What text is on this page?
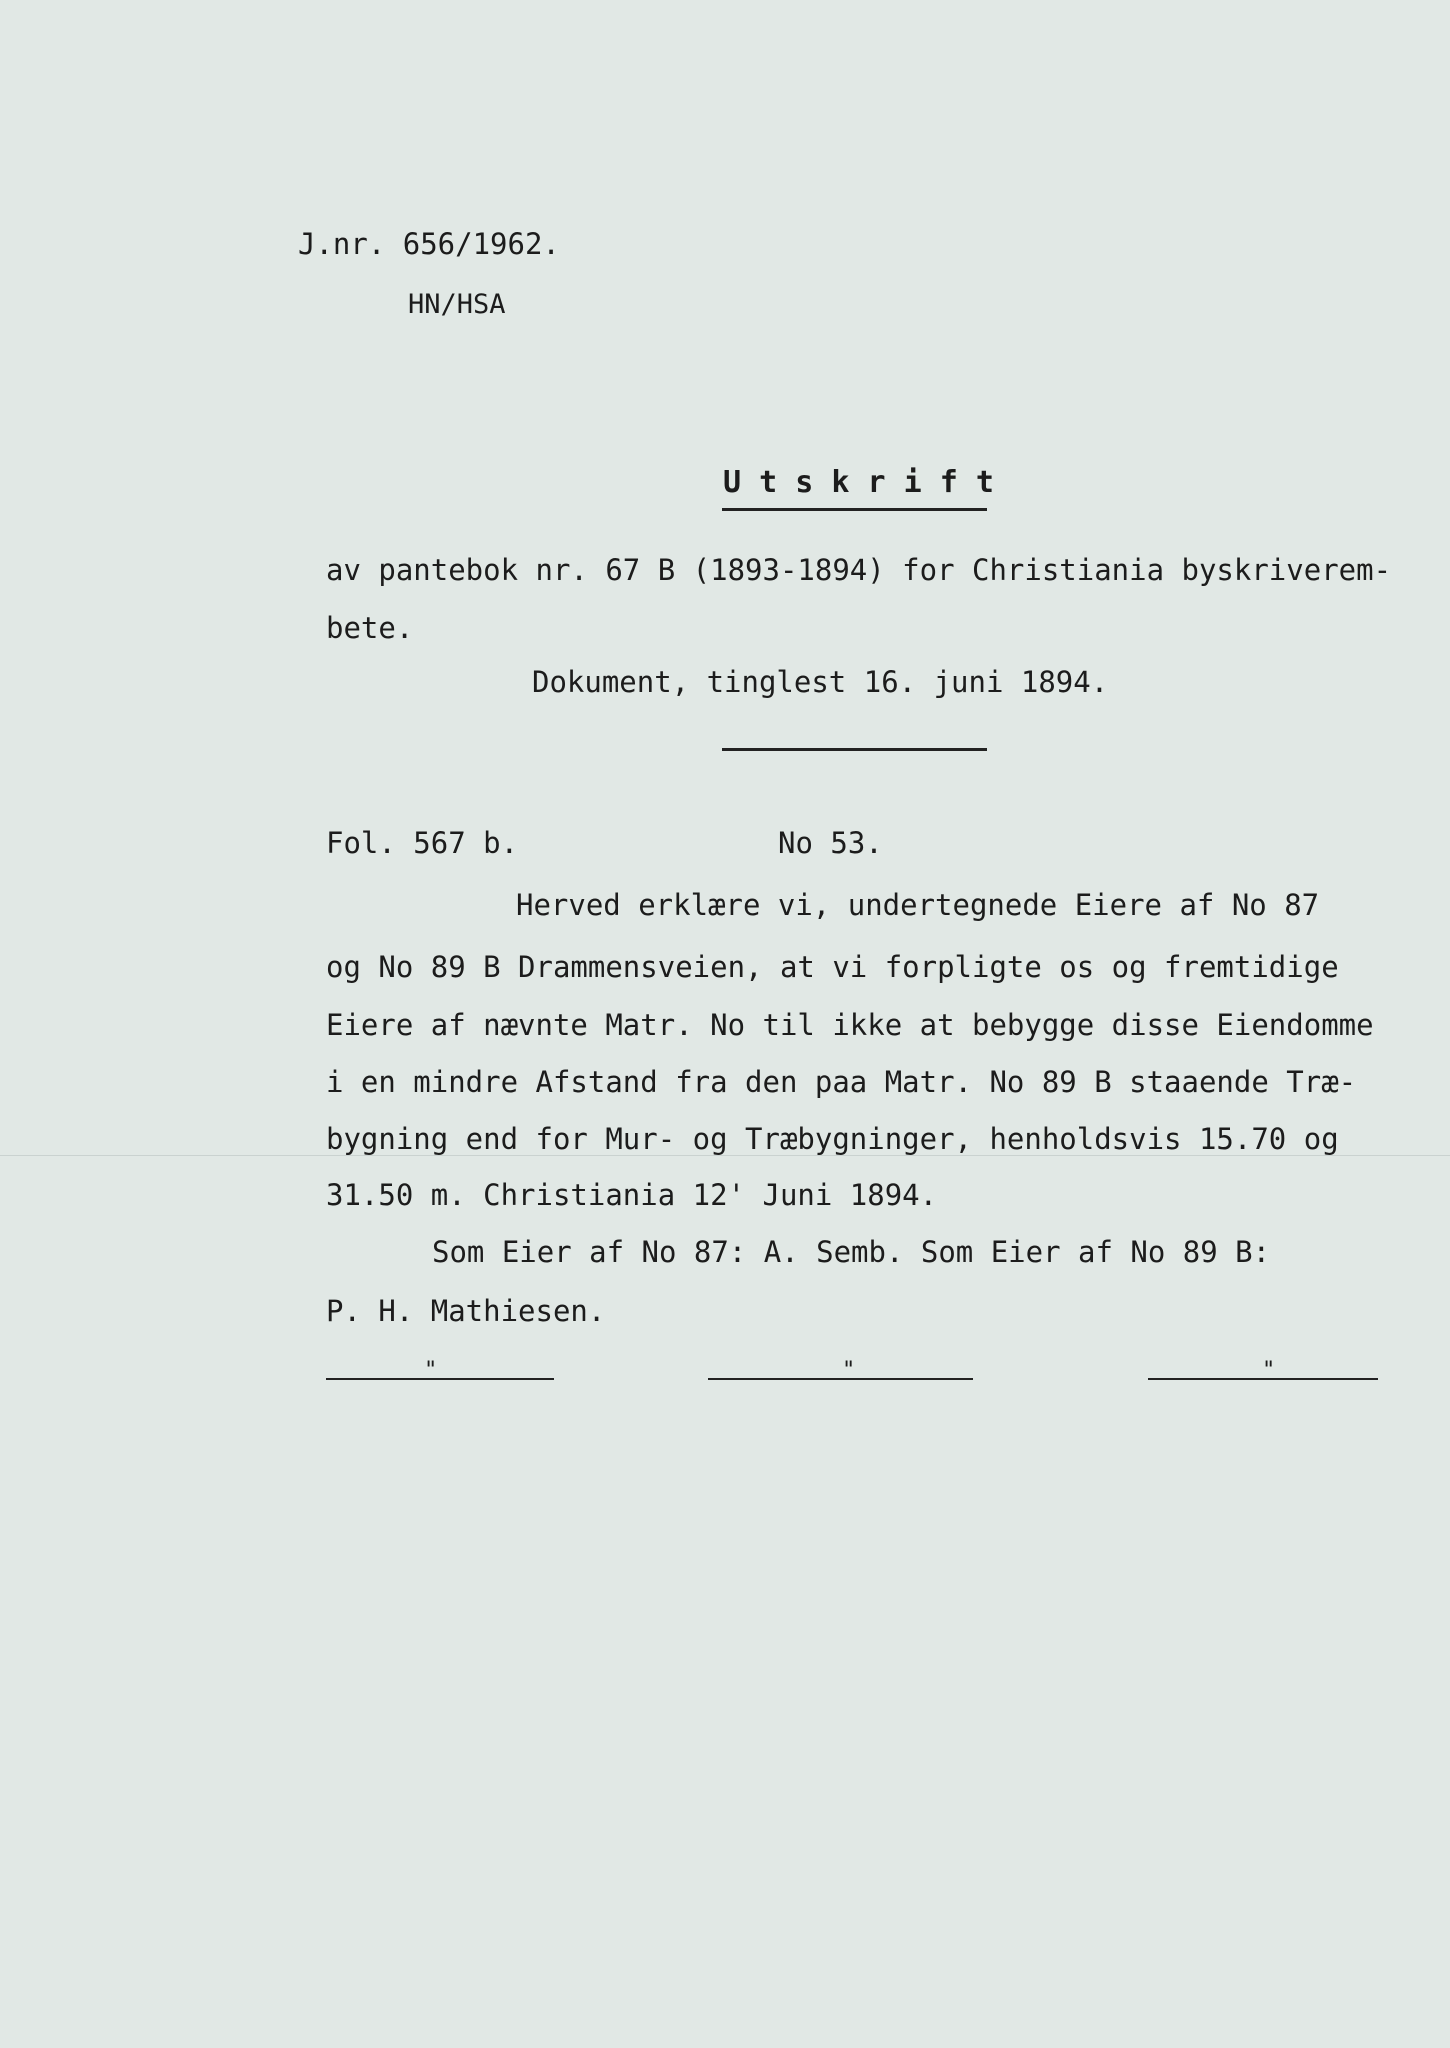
J.nr. 656/1962.
HN/HSA
U t s k r i f t
av pantebok nr. 67 B (1893-1894) for Christiania byskriverem-
bete.
Dokument, tinglest 16. juni 1894.
Fol. 567 b.	No 53.
Herved erklære vi, undertegnede Eiere af No 87
og No 89 B Drammensveien, at vi forpligte os og fremtidige
Eiere af nævnte Matr. No til ikke at bebygge disse Eiendomme
i en mindre Afstand fra den paa Matr. No 89 B staaende Træ-
bygning end for Mur- og Træbygninger, henholdsvis 15.70 og
31.50 m. Christiania 12' Juni 1894.
Som Eier af No 87: A. Semb. Som Eier af No 89 B:
P. H. Mathiesen.
"	"	"
